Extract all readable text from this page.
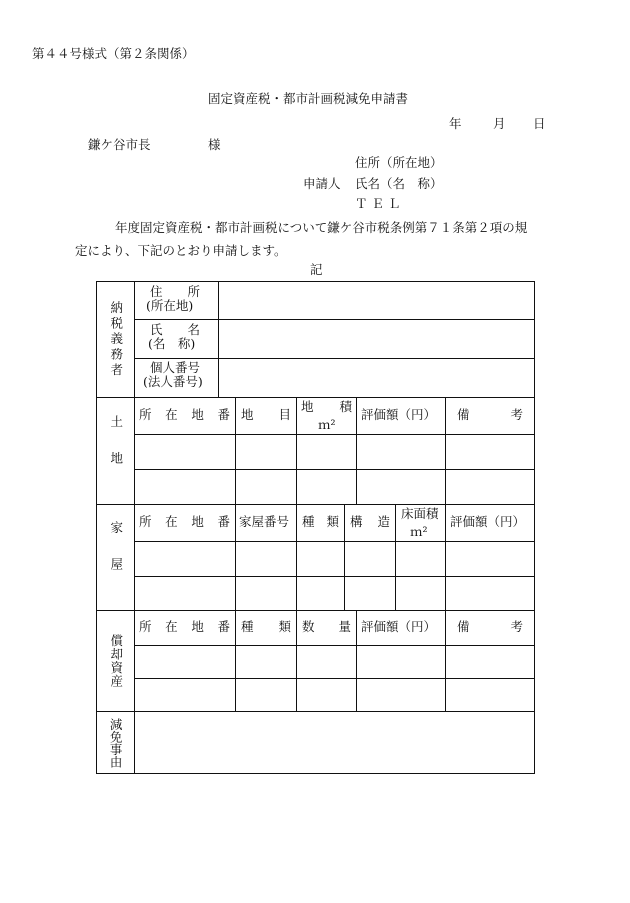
第４４号様式（第２条関係）
固定資産税・都市計画税減免申請書
年	月 日
鎌ケ谷市長	様
住所（所在地）
申請人 氏名（名　称）
ＴＥＬ
年度固定資産税・都市計画税について鎌ケ谷市税条例第７１条第２項の規
定により、下記のとおり申請します。
記
納税義務者
土地
家屋
償却資産
減免事由
住　　所
(所在地)
氏　　名
(名　称)
個人番号
(法人番号)
所在地番 地目
地　　積
ｍ²
評価額（円） 備考
所在地番 家屋番号 種類 構造
床面積
ｍ²
評価額（円）
所在地番 種類 数量 評価額（円） 備考
